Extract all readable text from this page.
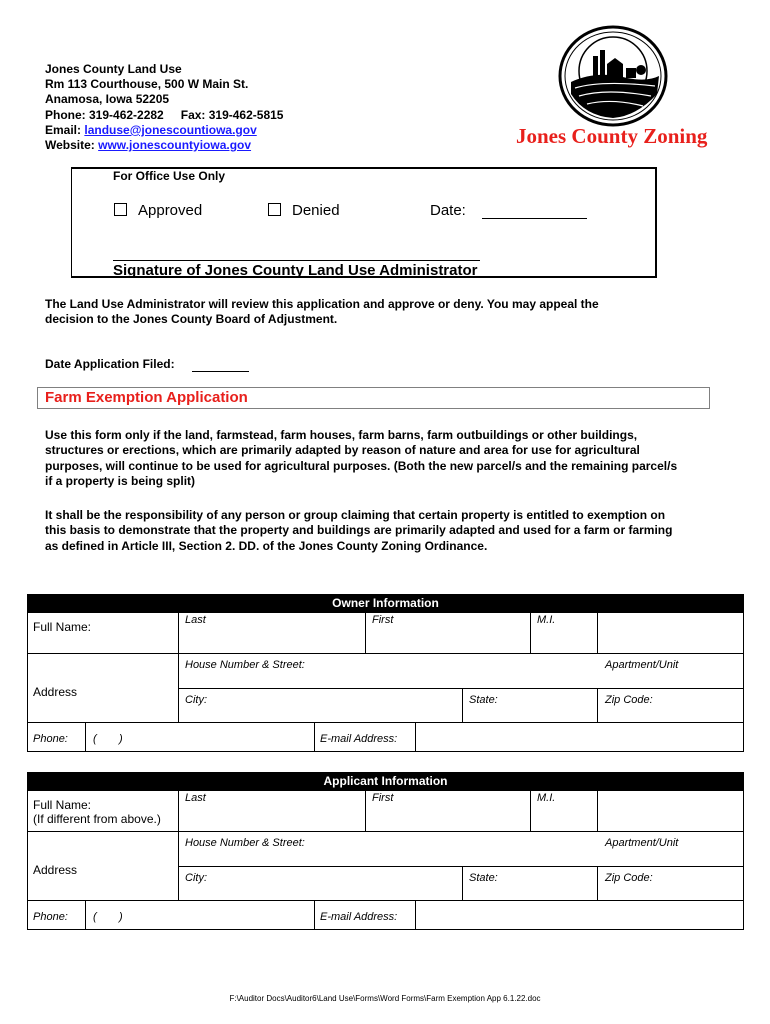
Jones County Land Use
Rm 113 Courthouse, 500 W Main St.
Anamosa, Iowa 52205
Phone: 319-462-2282 Fax: 319-462-5815
Email: landuse@jonescountiowa.gov
Website: www.jonescountyiowa.gov	Jones County Zoning
For Office Use Only
Approved	Denied	Date:
Signature of Jones County Land Use Administrator
The Land Use Administrator will review this application and approve or deny. You may appeal the
decision to the Jones County Board of Adjustment.
Date Application Filed:
Farm Exemption Application
Use this form only if the land, farmstead, farm houses, farm barns, farm outbuildings or other buildings,
structures or erections, which are primarily adapted by reason of nature and area for use for agricultural
purposes, will continue to be used for agricultural purposes. (Both the new parcel/s and the remaining parcel/s
if a property is being split)
It shall be the responsibility of any person or group claiming that certain property is entitled to exemption on
this basis to demonstrate that the property and buildings are primarily adapted and used for a farm or farming
as defined in Article III, Section 2. DD. of the Jones County Zoning Ordinance.
Owner Information
Full Name:	Last	First	M.I.
Address
House Number & Street:	Apartment/Unit
City:	State:	Zip Code:
Phone: ( )	E-mail Address:
Applicant Information
Full Name:
(If different from above.)
Last	First	M.I.
Address
House Number & Street:	Apartment/Unit
City:	State:	Zip Code:
Phone: ( )	E-mail Address:
F:\Auditor Docs\Auditor6\Land Use\Forms\Word Forms\Farm Exemption App 6.1.22.doc
